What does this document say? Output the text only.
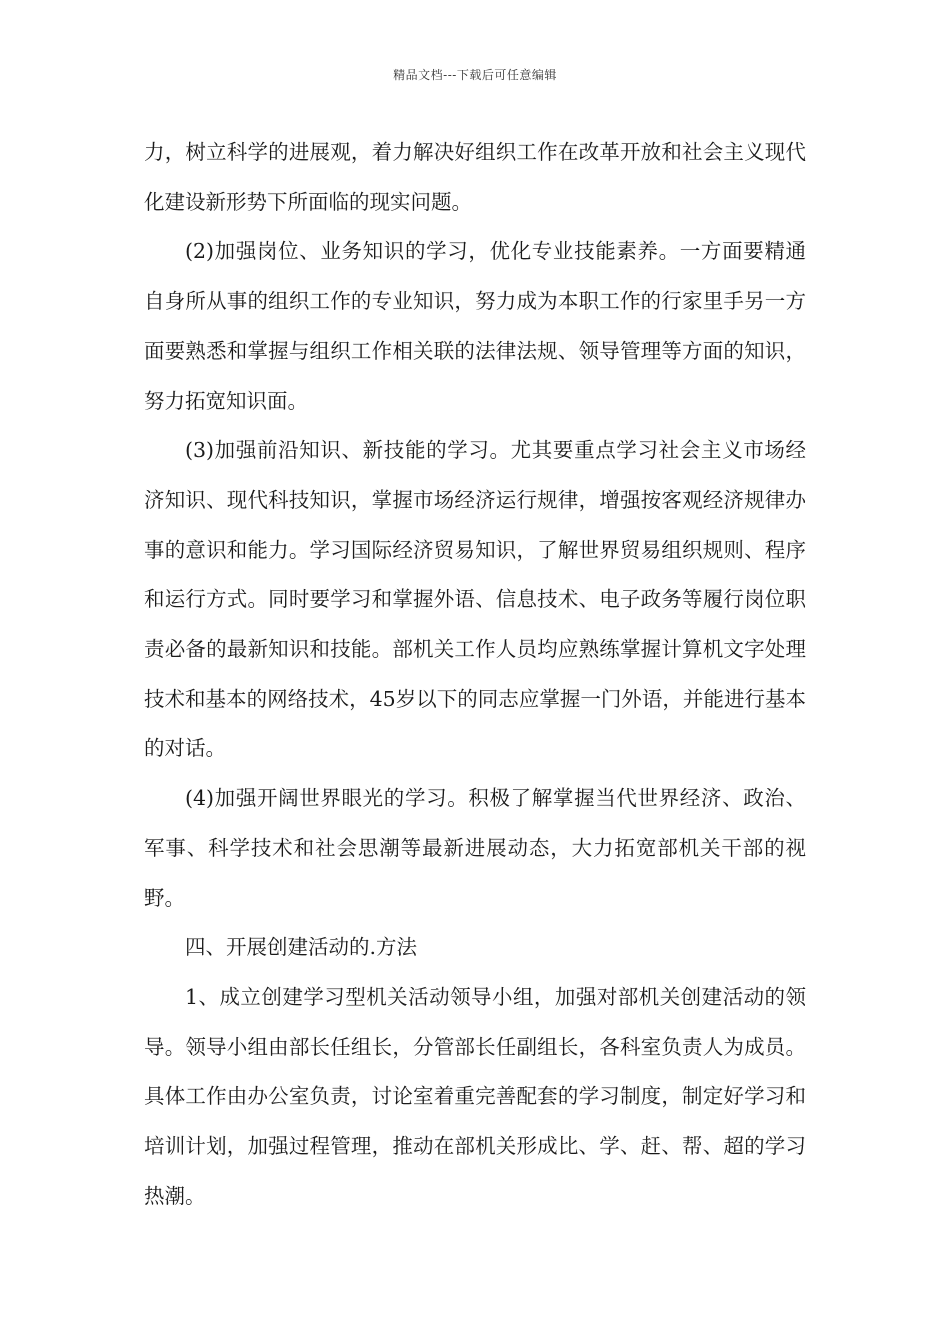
精品文档---下载后可任意编辑

力，树立科学的进展观，着力解决好组织工作在改革开放和社会主义现代化建设新形势下所面临的现实问题。

(2)加强岗位、业务知识的学习，优化专业技能素养。一方面要精通自身所从事的组织工作的专业知识，努力成为本职工作的行家里手另一方面要熟悉和掌握与组织工作相关联的法律法规、领导管理等方面的知识，努力拓宽知识面。

(3)加强前沿知识、新技能的学习。尤其要重点学习社会主义市场经济知识、现代科技知识，掌握市场经济运行规律，增强按客观经济规律办事的意识和能力。学习国际经济贸易知识，了解世界贸易组织规则、程序和运行方式。同时要学习和掌握外语、信息技术、电子政务等履行岗位职责必备的最新知识和技能。部机关工作人员均应熟练掌握计算机文字处理技术和基本的网络技术，45岁以下的同志应掌握一门外语，并能进行基本的对话。

(4)加强开阔世界眼光的学习。积极了解掌握当代世界经济、政治、军事、科学技术和社会思潮等最新进展动态，大力拓宽部机关干部的视野。

四、开展创建活动的.方法

1、成立创建学习型机关活动领导小组，加强对部机关创建活动的领导。领导小组由部长任组长，分管部长任副组长，各科室负责人为成员。具体工作由办公室负责，讨论室着重完善配套的学习制度，制定好学习和培训计划，加强过程管理，推动在部机关形成比、学、赶、帮、超的学习热潮。
